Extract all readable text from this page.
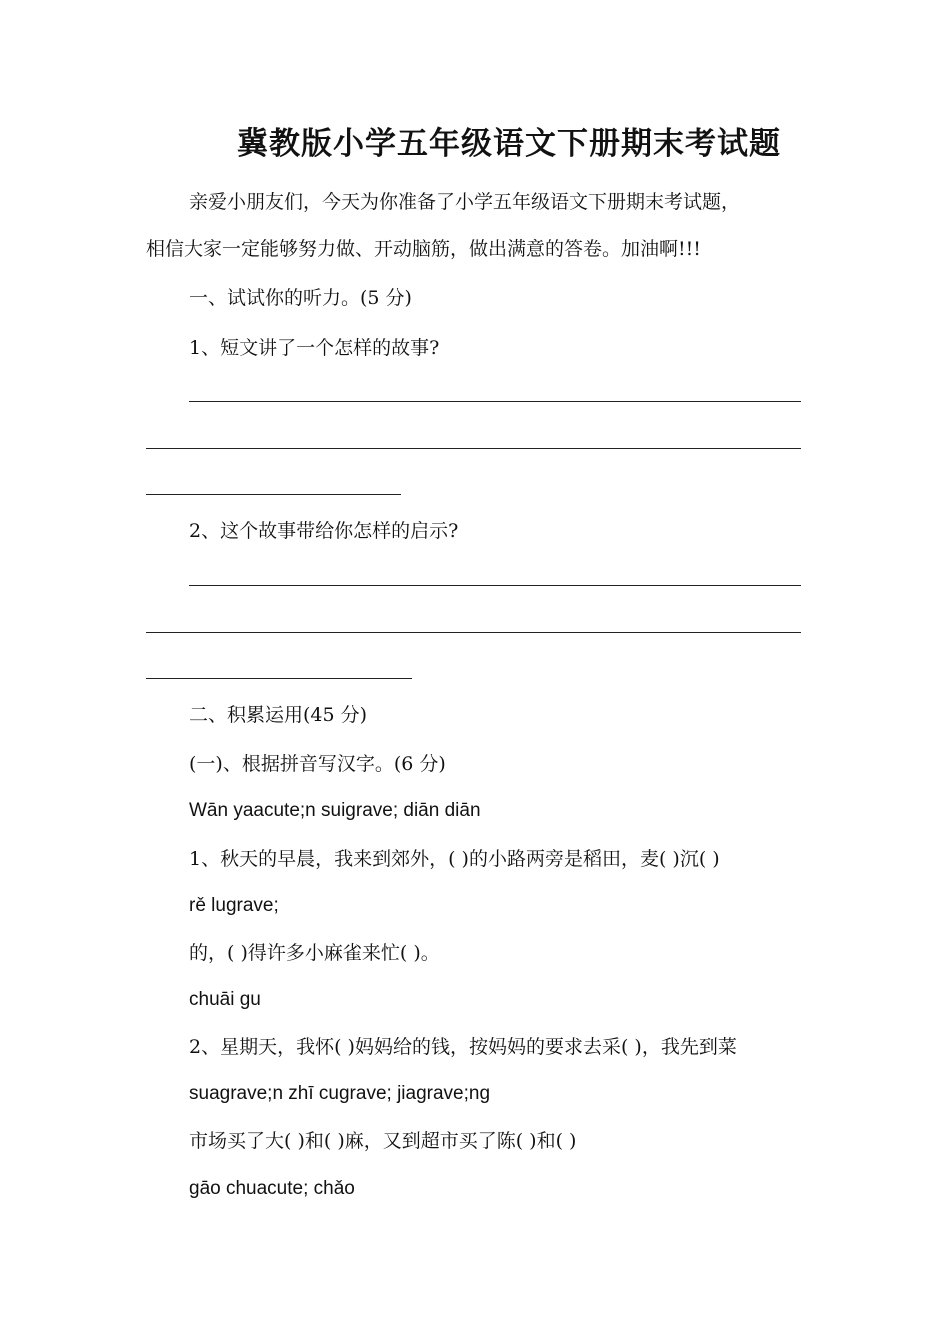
冀教版小学五年级语文下册期末考试题
亲爱小朋友们，今天为你准备了小学五年级语文下册期末考试题，
相信大家一定能够努力做、开动脑筋，做出满意的答卷。加油啊!!!
一、试试你的听力。(5 分)
1、短文讲了一个怎样的故事?
2、这个故事带给你怎样的启示?
二、积累运用(45 分)
(一)、根据拼音写汉字。(6 分)
Wān yaacute;n suigrave; diān diān
1、秋天的早晨，我来到郊外，( )的小路两旁是稻田，麦( )沉( )
rě lugrave;
的，( )得许多小麻雀来忙( )。
chuāi gu
2、星期天，我怀( )妈妈给的钱，按妈妈的要求去采( )，我先到菜
suagrave;n zhī cugrave; jiagrave;ng
市场买了大( )和( )麻，又到超市买了陈( )和( )
gāo chuacute; chǎo
